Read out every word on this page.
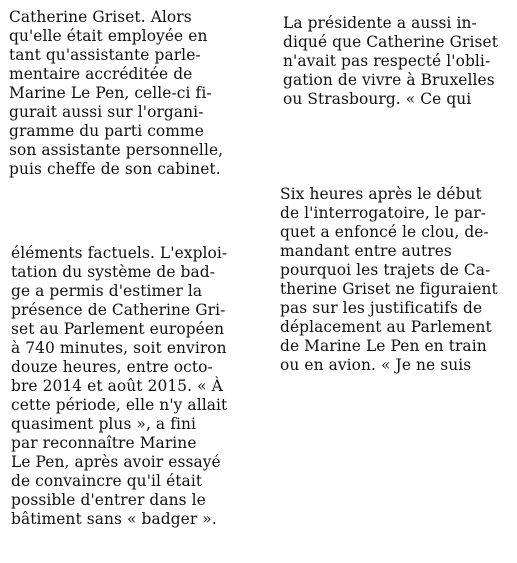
Catherine Griset. Alors
qu'elle était employée en
tant qu'assistante parle-
mentaire accréditée de
Marine Le Pen, celle-ci fi-
gurait aussi sur l'organi-
gramme du parti comme
son assistante personnelle,
puis cheffe de son cabinet.
La présidente a aussi in-
diqué que Catherine Griset
n'avait pas respecté l'obli-
gation de vivre à Bruxelles
ou Strasbourg. « Ce qui
éléments factuels. L'exploi-
tation du système de bad-
ge a permis d'estimer la
présence de Catherine Gri-
set au Parlement européen
à 740 minutes, soit environ
douze heures, entre octo-
bre 2014 et août 2015. « À
cette période, elle n'y allait
quasiment plus », a fini
par reconnaître Marine
Le Pen, après avoir essayé
de convaincre qu'il était
possible d'entrer dans le
bâtiment sans « badger ».
Six heures après le début
de l'interrogatoire, le par-
quet a enfoncé le clou, de-
mandant entre autres
pourquoi les trajets de Ca-
therine Griset ne figuraient
pas sur les justificatifs de
déplacement au Parlement
de Marine Le Pen en train
ou en avion. « Je ne suis
